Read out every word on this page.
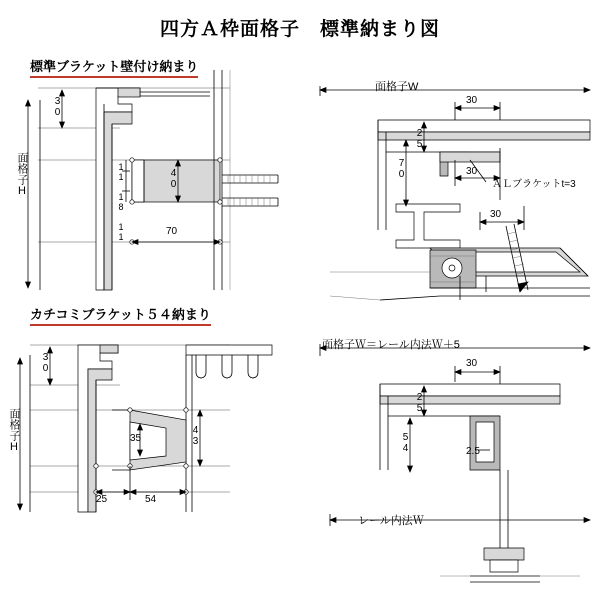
四方Ａ枠面格子　標準納まり図
標準ブラケット壁付け納まり
面格子H
30
11 18 11	40
70
カチコミブラケット５４納まり
面格子H
30
35	43
25	54
面格子W
30
25
30
70
30
ＡＬブラケットt=3
面格子Ｗ＝レール内法Ｗ＋5
30
25
54	2.5
レール内法Ｗ
